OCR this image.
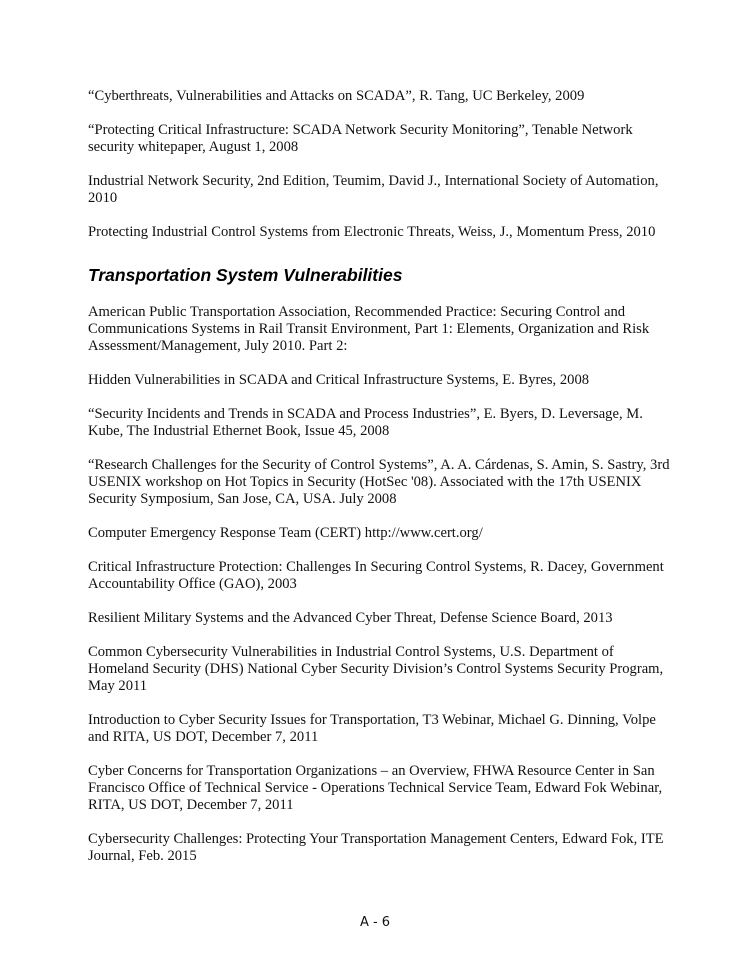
“Cyberthreats, Vulnerabilities and Attacks on SCADA”, R. Tang, UC Berkeley, 2009

“Protecting Critical Infrastructure: SCADA Network Security Monitoring”, Tenable Network security whitepaper, August 1, 2008

Industrial Network Security, 2nd Edition, Teumim, David J., International Society of Automation, 2010

Protecting Industrial Control Systems from Electronic Threats, Weiss, J., Momentum Press, 2010

Transportation System Vulnerabilities

American Public Transportation Association, Recommended Practice: Securing Control and Communications Systems in Rail Transit Environment, Part 1: Elements, Organization and Risk Assessment/Management, July 2010. Part 2:

Hidden Vulnerabilities in SCADA and Critical Infrastructure Systems, E. Byres, 2008

“Security Incidents and Trends in SCADA and Process Industries”, E. Byers, D. Leversage, M. Kube, The Industrial Ethernet Book, Issue 45, 2008

“Research Challenges for the Security of Control Systems”, A. A. Cárdenas, S. Amin, S. Sastry, 3rd USENIX workshop on Hot Topics in Security (HotSec '08). Associated with the 17th USENIX Security Symposium, San Jose, CA, USA. July 2008

Computer Emergency Response Team (CERT) http://www.cert.org/

Critical Infrastructure Protection: Challenges In Securing Control Systems, R. Dacey, Government Accountability Office (GAO), 2003

Resilient Military Systems and the Advanced Cyber Threat, Defense Science Board, 2013

Common Cybersecurity Vulnerabilities in Industrial Control Systems, U.S. Department of Homeland Security (DHS) National Cyber Security Division’s Control Systems Security Program, May 2011

Introduction to Cyber Security Issues for Transportation, T3 Webinar, Michael G. Dinning, Volpe and RITA, US DOT, December 7, 2011

Cyber Concerns for Transportation Organizations – an Overview, FHWA Resource Center in San Francisco Office of Technical Service - Operations Technical Service Team, Edward Fok Webinar, RITA, US DOT, December 7, 2011

Cybersecurity Challenges: Protecting Your Transportation Management Centers, Edward Fok, ITE Journal, Feb. 2015

A - 6
